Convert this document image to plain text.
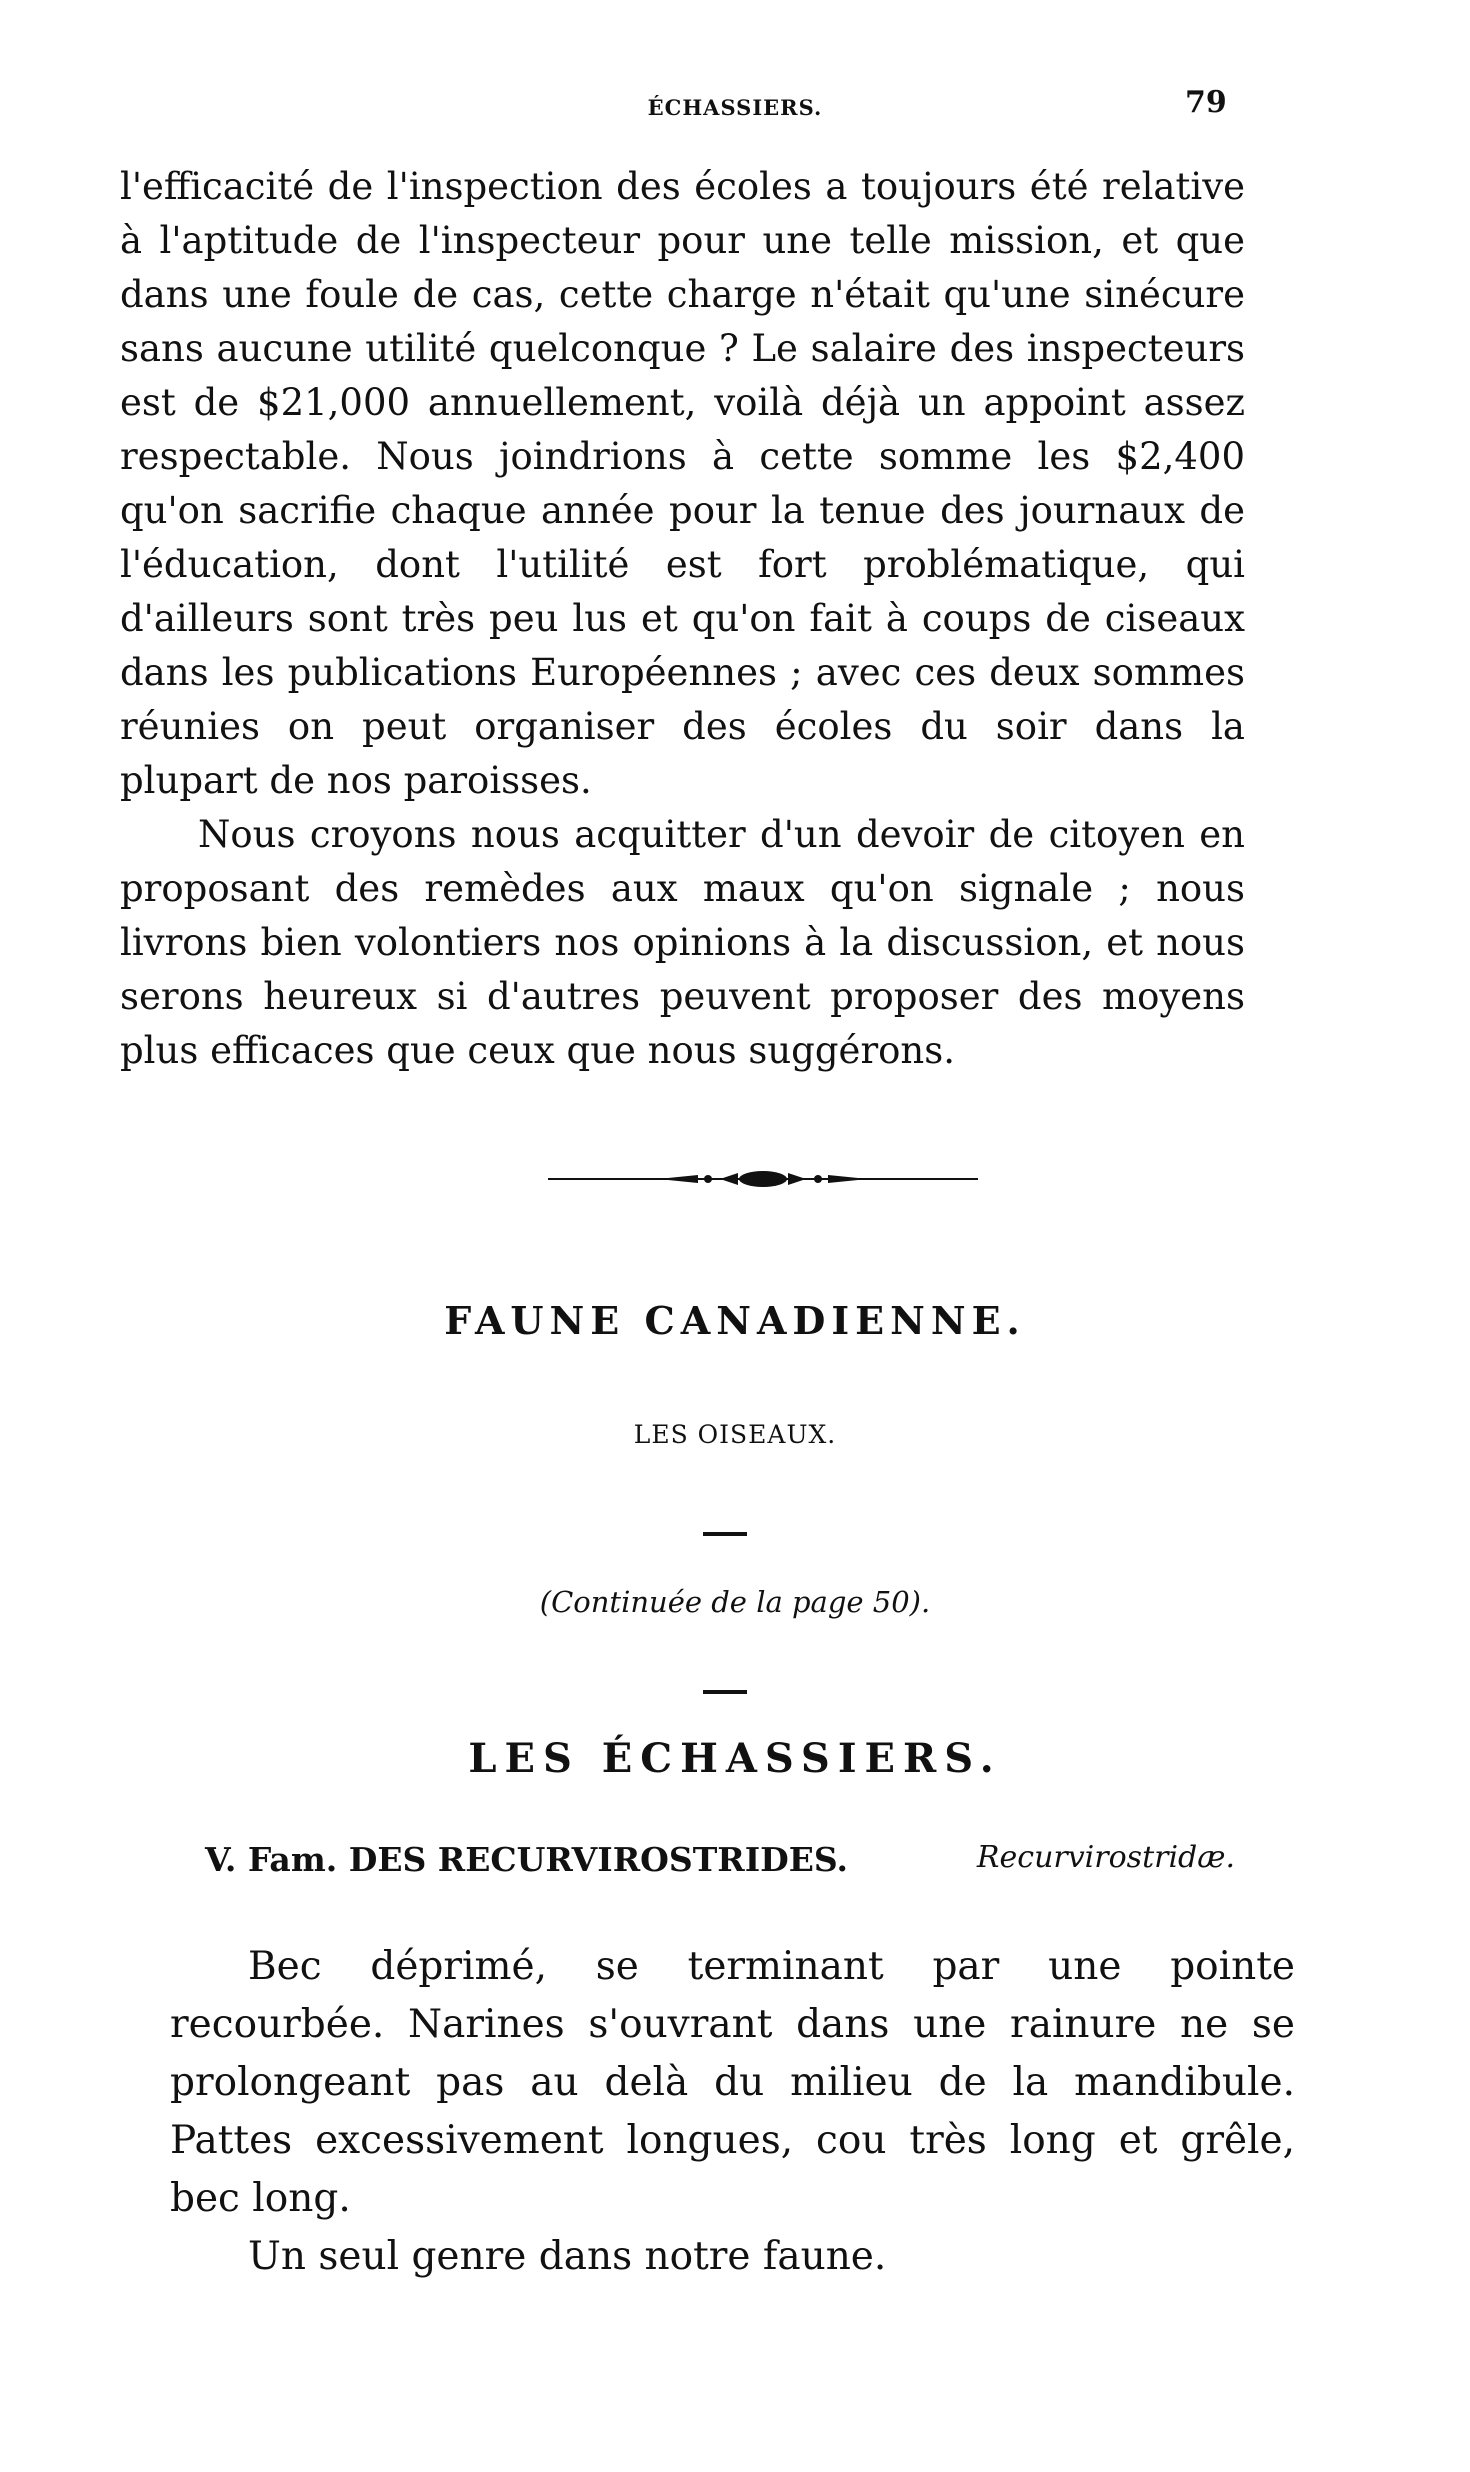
ÉCHASSIERS.	79

l'efficacité de l'inspection des écoles a toujours été relative à l'aptitude de l'inspecteur pour une telle mission, et que dans une foule de cas, cette charge n'était qu'une sinécure sans aucune utilité quelconque ? Le salaire des inspecteurs est de $21,000 annuellement, voilà déjà un appoint assez respectable. Nous joindrions à cette somme les $2,400 qu'on sacrifie chaque année pour la tenue des journaux de l'éducation, dont l'utilité est fort problématique, qui d'ailleurs sont très peu lus et qu'on fait à coups de ciseaux dans les publications Européennes ; avec ces deux sommes réunies on peut organiser des écoles du soir dans la plupart de nos paroisses.

Nous croyons nous acquitter d'un devoir de citoyen en proposant des remèdes aux maux qu'on signale ; nous livrons bien volontiers nos opinions à la discussion, et nous serons heureux si d'autres peuvent proposer des moyens plus efficaces que ceux que nous suggérons.

FAUNE CANADIENNE.
LES OISEAUX.
(Continuée de la page 50).
LES ÉCHASSIERS.
V. Fam. DES RECURVIROSTRIDES.	Recurvirostridæ.

Bec déprimé, se terminant par une pointe recourbée. Narines s'ouvrant dans une rainure ne se prolongeant pas au delà du milieu de la mandibule. Pattes excessivement longues, cou très long et grêle, bec long.

Un seul genre dans notre faune.
